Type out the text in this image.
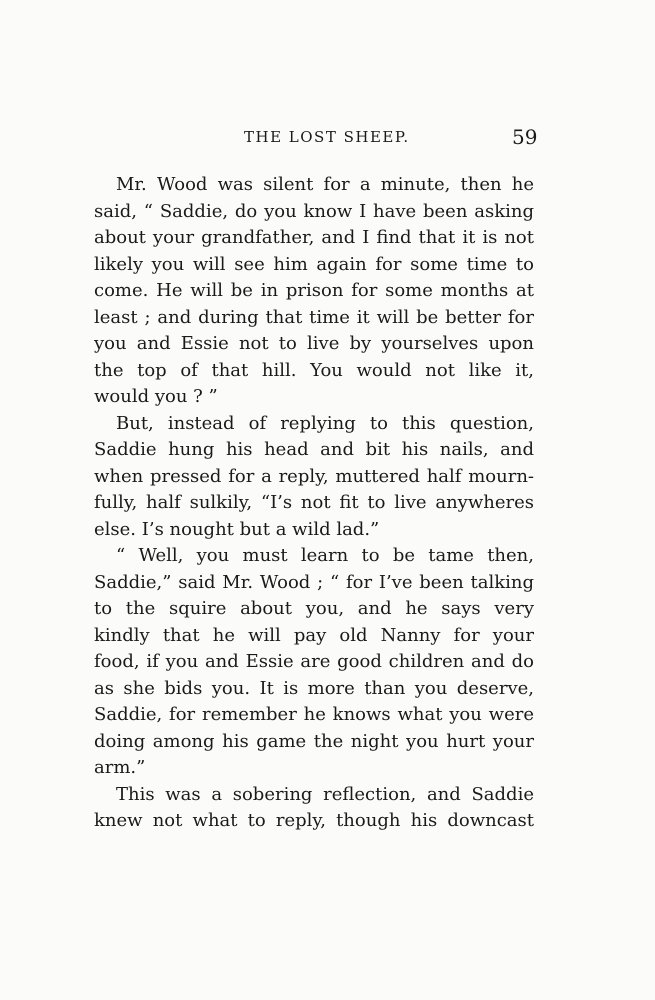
THE LOST SHEEP.	59
Mr. Wood was silent for a minute, then he
said, “ Saddie, do you know I have been asking
about your grandfather, and I find that it is not
likely you will see him again for some time to
come. He will be in prison for some months at
least ; and during that time it will be better for
you and Essie not to live by yourselves upon
the top of that hill. You would not like it,
would you ? ”
But, instead of replying to this question,
Saddie hung his head and bit his nails, and
when pressed for a reply, muttered half mourn-
fully, half sulkily, “I’s not fit to live anywheres
else. I’s nought but a wild lad.”
“ Well, you must learn to be tame then,
Saddie,” said Mr. Wood ; “ for I’ve been talking
to the squire about you, and he says very
kindly that he will pay old Nanny for your
food, if you and Essie are good children and do
as she bids you. It is more than you deserve,
Saddie, for remember he knows what you were
doing among his game the night you hurt your
arm.”
This was a sobering reflection, and Saddie
knew not what to reply, though his downcast
